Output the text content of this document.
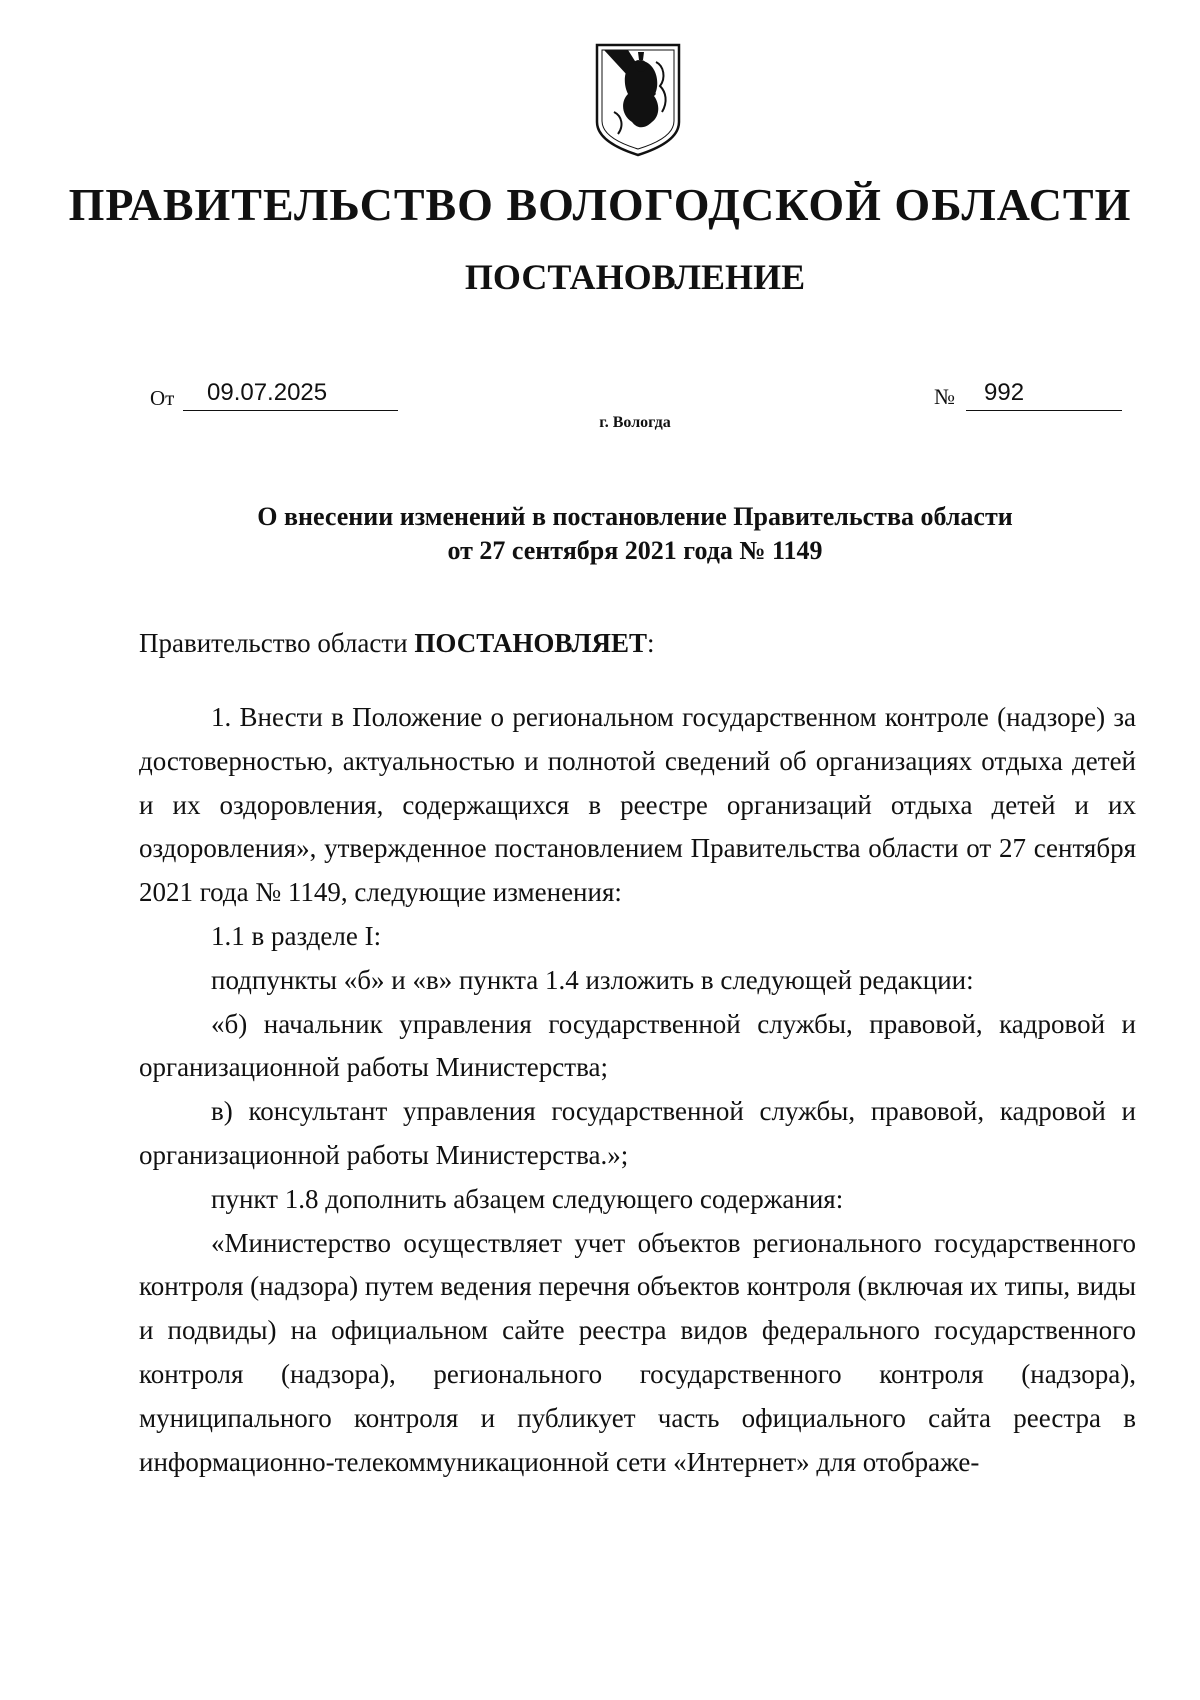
ПРАВИТЕЛЬСТВО ВОЛОГОДСКОЙ ОБЛАСТИ
ПОСТАНОВЛЕНИЕ
От 09.07.2025	№ 992
г. Вологда
О внесении изменений в постановление Правительства области
от 27 сентября 2021 года № 1149
Правительство области ПОСТАНОВЛЯЕТ:

1. Внести в Положение о региональном государственном контроле (надзоре) за достоверностью, актуальностью и полнотой сведений об организациях отдыха детей и их оздоровления, содержащихся в реестре организаций отдыха детей и их оздоровления», утвержденное постановлением Правительства области от 27 сентября 2021 года № 1149, следующие изменения:

1.1 в разделе I:

подпункты «б» и «в» пункта 1.4 изложить в следующей редакции:

«б) начальник управления государственной службы, правовой, кадровой и организационной работы Министерства;

в) консультант управления государственной службы, правовой, кадровой и организационной работы Министерства.»;

пункт 1.8 дополнить абзацем следующего содержания:

«Министерство осуществляет учет объектов регионального государственного контроля (надзора) путем ведения перечня объектов контроля (включая их типы, виды и подвиды) на официальном сайте реестра видов федерального государственного контроля (надзора), регионального государственного контроля (надзора), муниципального контроля и публикует часть официального сайта реестра в информационно-телекоммуникационной сети «Интернет» для отображе-
